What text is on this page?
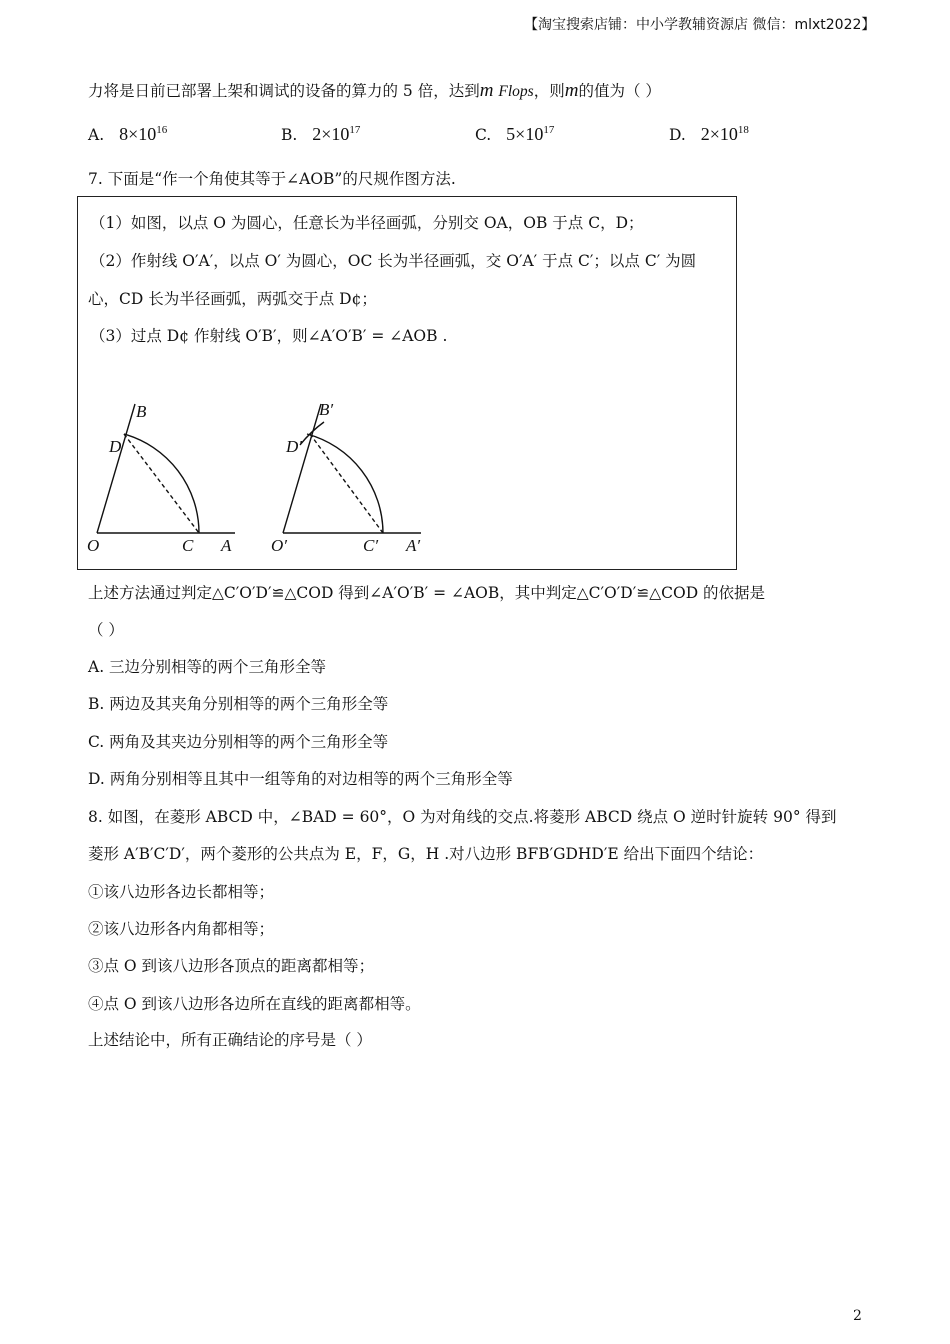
【淘宝搜索店铺：中小学教辅资源店 微信：mlxt2022】
力将是日前已部署上架和调试的设备的算力的 5 倍，达到m Flops，则m的值为（ ）
A. $8\times 10^{16}$	B. $2\times 10^{17}$	C. $5\times 10^{17}$	D. $2\times 10^{18}$
7. 下面是“作一个角使其等于∠AOB”的尺规作图方法.
（1）如图，以点 O 为圆心，任意长为半径画弧，分别交 OA，OB 于点 C，D；
（2）作射线 O′A′，以点 O′ 为圆心，OC 长为半径画弧，交 O′A′ 于点 C′；以点 C′ 为圆
心，CD 长为半径画弧，两弧交于点 D¢；
（3）过点 D¢ 作射线 O′B′，则∠A′O′B′ = ∠AOB .
B
D
O	C A
B′
D′
O′	C′ A′
上述方法通过判定△C′O′D′≌△COD 得到∠A′O′B′ = ∠AOB，其中判定△C′O′D′≌△COD 的依据是
（ ）
A. 三边分别相等的两个三角形全等
B. 两边及其夹角分别相等的两个三角形全等
C. 两角及其夹边分别相等的两个三角形全等
D. 两角分别相等且其中一组等角的对边相等的两个三角形全等
8. 如图，在菱形 ABCD 中，∠BAD = 60°，O 为对角线的交点.将菱形 ABCD 绕点 O 逆时针旋转 90° 得到
菱形 A′B′C′D′，两个菱形的公共点为 E，F，G，H .对八边形 BFB′GDHD′E 给出下面四个结论：
①该八边形各边长都相等；
②该八边形各内角都相等；
③点 O 到该八边形各顶点的距离都相等；
④点 O 到该八边形各边所在直线的距离都相等。
上述结论中，所有正确结论的序号是（ ）
2
